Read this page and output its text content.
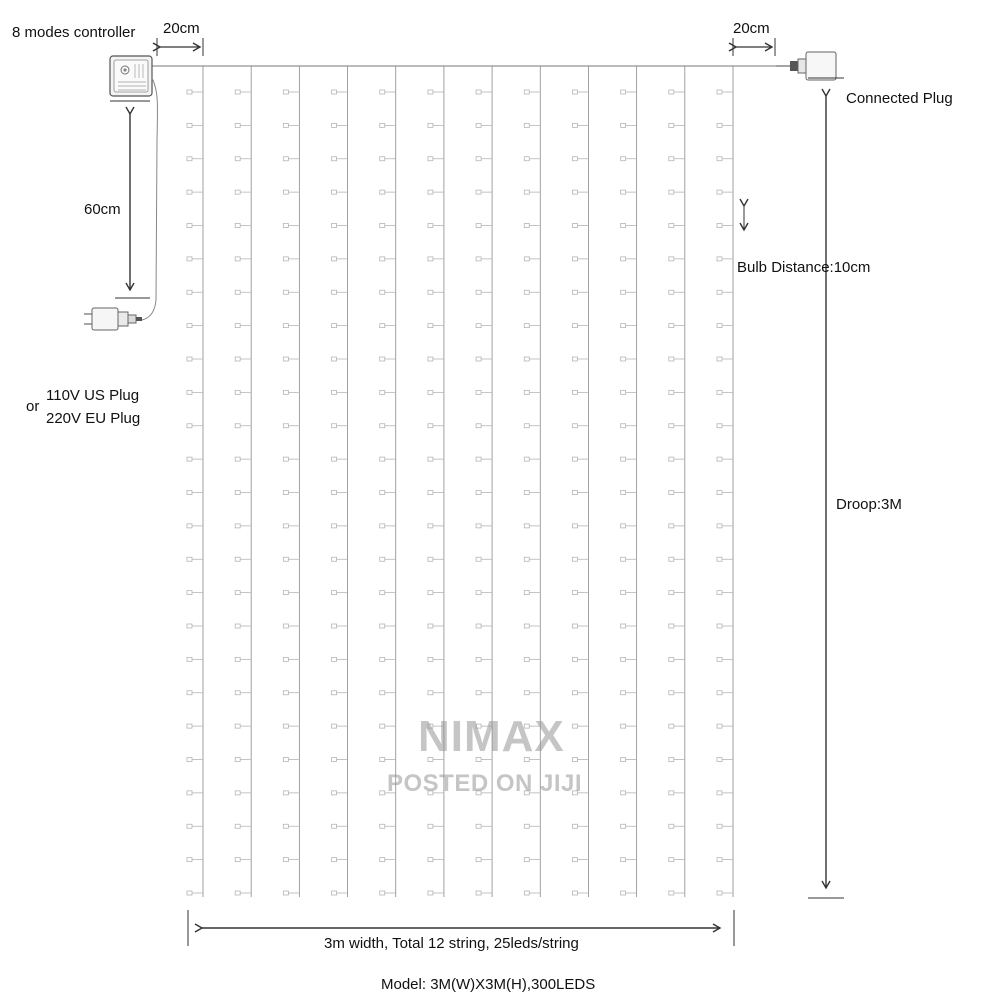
8 modes controller 20cm	20cm
Connected Plug
60cm
Bulb Distance:10cm
or
110V US Plug
220V EU Plug
Droop:3M
3m width, Total 12 string, 25leds/string
Model: 3M(W)X3M(H),300LEDS
NIMAX
POSTED ON JIJI
